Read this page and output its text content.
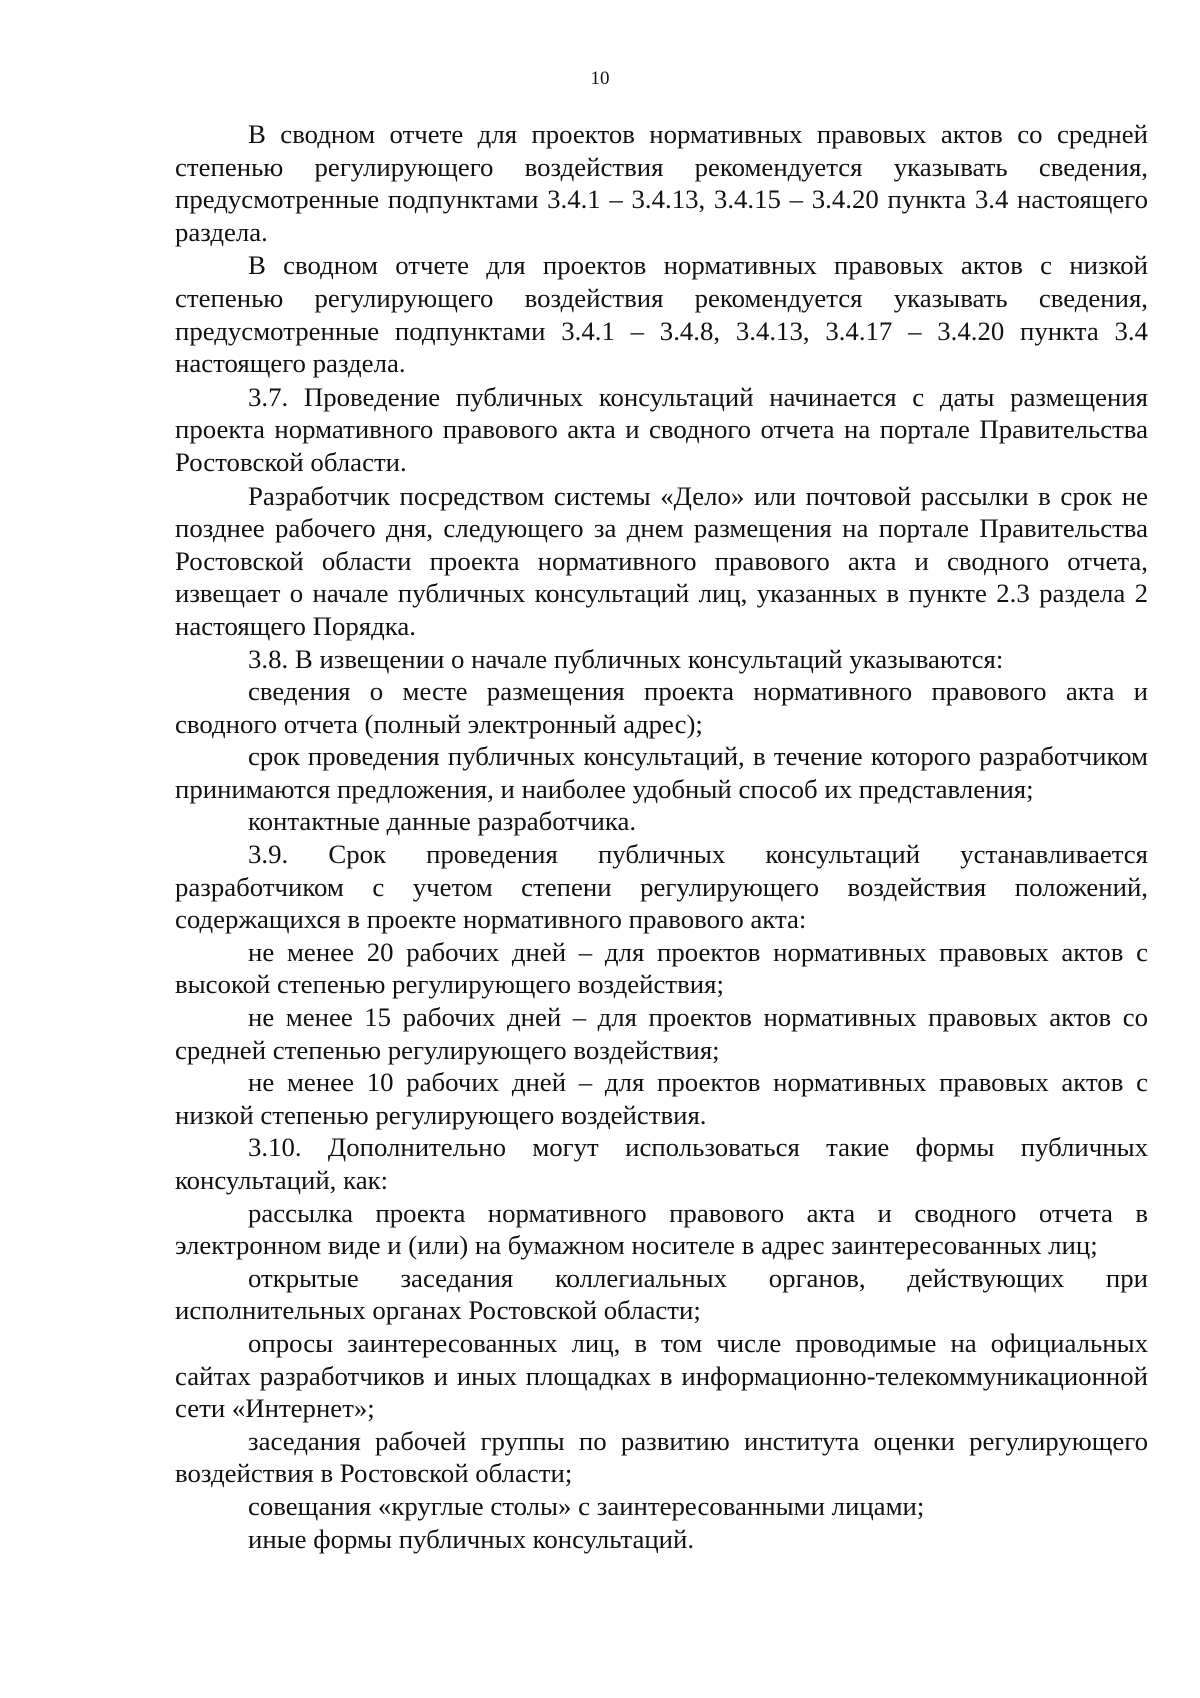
10

В сводном отчете для проектов нормативных правовых актов со средней степенью регулирующего воздействия рекомендуется указывать сведения, предусмотренные подпунктами 3.4.1 – 3.4.13, 3.4.15 – 3.4.20 пункта 3.4 настоящего раздела.

В сводном отчете для проектов нормативных правовых актов с низкой степенью регулирующего воздействия рекомендуется указывать сведения, предусмотренные подпунктами 3.4.1 – 3.4.8, 3.4.13, 3.4.17 – 3.4.20 пункта 3.4 настоящего раздела.

3.7. Проведение публичных консультаций начинается с даты размещения проекта нормативного правового акта и сводного отчета на портале Правительства Ростовской области.

Разработчик посредством системы «Дело» или почтовой рассылки в срок не позднее рабочего дня, следующего за днем размещения на портале Правительства Ростовской области проекта нормативного правового акта и сводного отчета, извещает о начале публичных консультаций лиц, указанных в пункте 2.3 раздела 2 настоящего Порядка.

3.8. В извещении о начале публичных консультаций указываются:

сведения о месте размещения проекта нормативного правового акта и сводного отчета (полный электронный адрес);

срок проведения публичных консультаций, в течение которого разработчиком принимаются предложения, и наиболее удобный способ их представления;

контактные данные разработчика.

3.9. Срок проведения публичных консультаций устанавливается разработчиком с учетом степени регулирующего воздействия положений, содержащихся в проекте нормативного правового акта:

не менее 20 рабочих дней – для проектов нормативных правовых актов с высокой степенью регулирующего воздействия;

не менее 15 рабочих дней – для проектов нормативных правовых актов со средней степенью регулирующего воздействия;

не менее 10 рабочих дней – для проектов нормативных правовых актов с низкой степенью регулирующего воздействия.

3.10. Дополнительно могут использоваться такие формы публичных консультаций, как:

рассылка проекта нормативного правового акта и сводного отчета в электронном виде и (или) на бумажном носителе в адрес заинтересованных лиц;

открытые заседания коллегиальных органов, действующих при исполнительных органах Ростовской области;

опросы заинтересованных лиц, в том числе проводимые на официальных сайтах разработчиков и иных площадках в информационно-телекоммуникационной сети «Интернет»;

заседания рабочей группы по развитию института оценки регулирующего воздействия в Ростовской области;

совещания «круглые столы» с заинтересованными лицами;

иные формы публичных консультаций.
